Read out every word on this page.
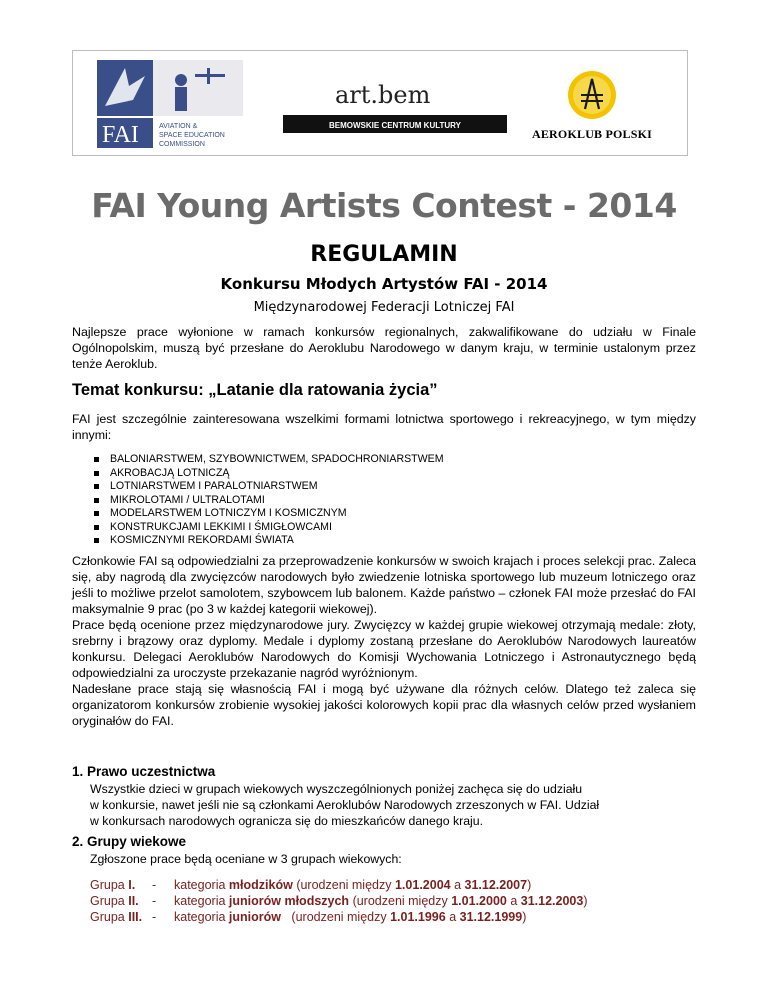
FAI	AVIATION &
SPACE EDUCATION
COMMISSION
art.bem
BEMOWSKIE CENTRUM KULTURY
AEROKLUB POLSKI
FAI Young Artists Contest - 2014
REGULAMIN
Konkursu Młodych Artystów FAI - 2014
Międzynarodowej Federacji Lotniczej FAI
Najlepsze prace wyłonione w ramach konkursów regionalnych, zakwalifikowane do udziału w Finale Ogólnopolskim, muszą być przesłane do Aeroklubu Narodowego w danym kraju, w terminie ustalonym przez tenże Aeroklub.
Temat konkursu: „Latanie dla ratowania życia”
FAI jest szczególnie zainteresowana wszelkimi formami lotnictwa sportowego i rekreacyjnego, w tym między innymi:
BALONIARSTWEM, SZYBOWNICTWEM, SPADOCHRONIARSTWEM
AKROBACJĄ LOTNICZĄ
LOTNIARSTWEM I PARALOTNIARSTWEM
MIKROLOTAMI / ULTRALOTAMI
MODELARSTWEM LOTNICZYM I KOSMICZNYM
KONSTRUKCJAMI LEKKIMI I ŚMIGŁOWCAMI
KOSMICZNYMI REKORDAMI ŚWIATA
Członkowie FAI są odpowiedzialni za przeprowadzenie konkursów w swoich krajach i proces selekcji prac. Zaleca się, aby nagrodą dla zwycięzców narodowych było zwiedzenie lotniska sportowego lub muzeum lotniczego oraz jeśli to możliwe przelot samolotem, szybowcem lub balonem. Każde państwo – członek FAI może przesłać do FAI maksymalnie 9 prac (po 3 w każdej kategorii wiekowej).
Prace będą ocenione przez międzynarodowe jury. Zwycięzcy w każdej grupie wiekowej otrzymają medale: złoty, srebrny i brązowy oraz dyplomy. Medale i dyplomy zostaną przesłane do Aeroklubów Narodowych laureatów konkursu. Delegaci Aeroklubów Narodowych do Komisji Wychowania Lotniczego i Astronautycznego będą odpowiedzialni za uroczyste przekazanie nagród wyróżnionym.
Nadesłane prace stają się własnością FAI i mogą być używane dla różnych celów. Dlatego też zaleca się organizatorom konkursów zrobienie wysokiej jakości kolorowych kopii prac dla własnych celów przed wysłaniem oryginałów do FAI.
1. Prawo uczestnictwa
Wszystkie dzieci w grupach wiekowych wyszczególnionych poniżej zachęca się do udziału
w konkursie, nawet jeśli nie są członkami Aeroklubów Narodowych zrzeszonych w FAI. Udział
w konkursach narodowych ogranicza się do mieszkańców danego kraju.
2. Grupy wiekowe
Zgłoszone prace będą oceniane w 3 grupach wiekowych:
Grupa I.	-	kategoria młodzików (urodzeni między 1.01.2004 a 31.12.2007)
Grupa II.	-	kategoria juniorów młodszych (urodzeni między 1.01.2000 a 31.12.2003)
Grupa III. -	kategoria juniorów   (urodzeni między 1.01.1996 a 31.12.1999)
